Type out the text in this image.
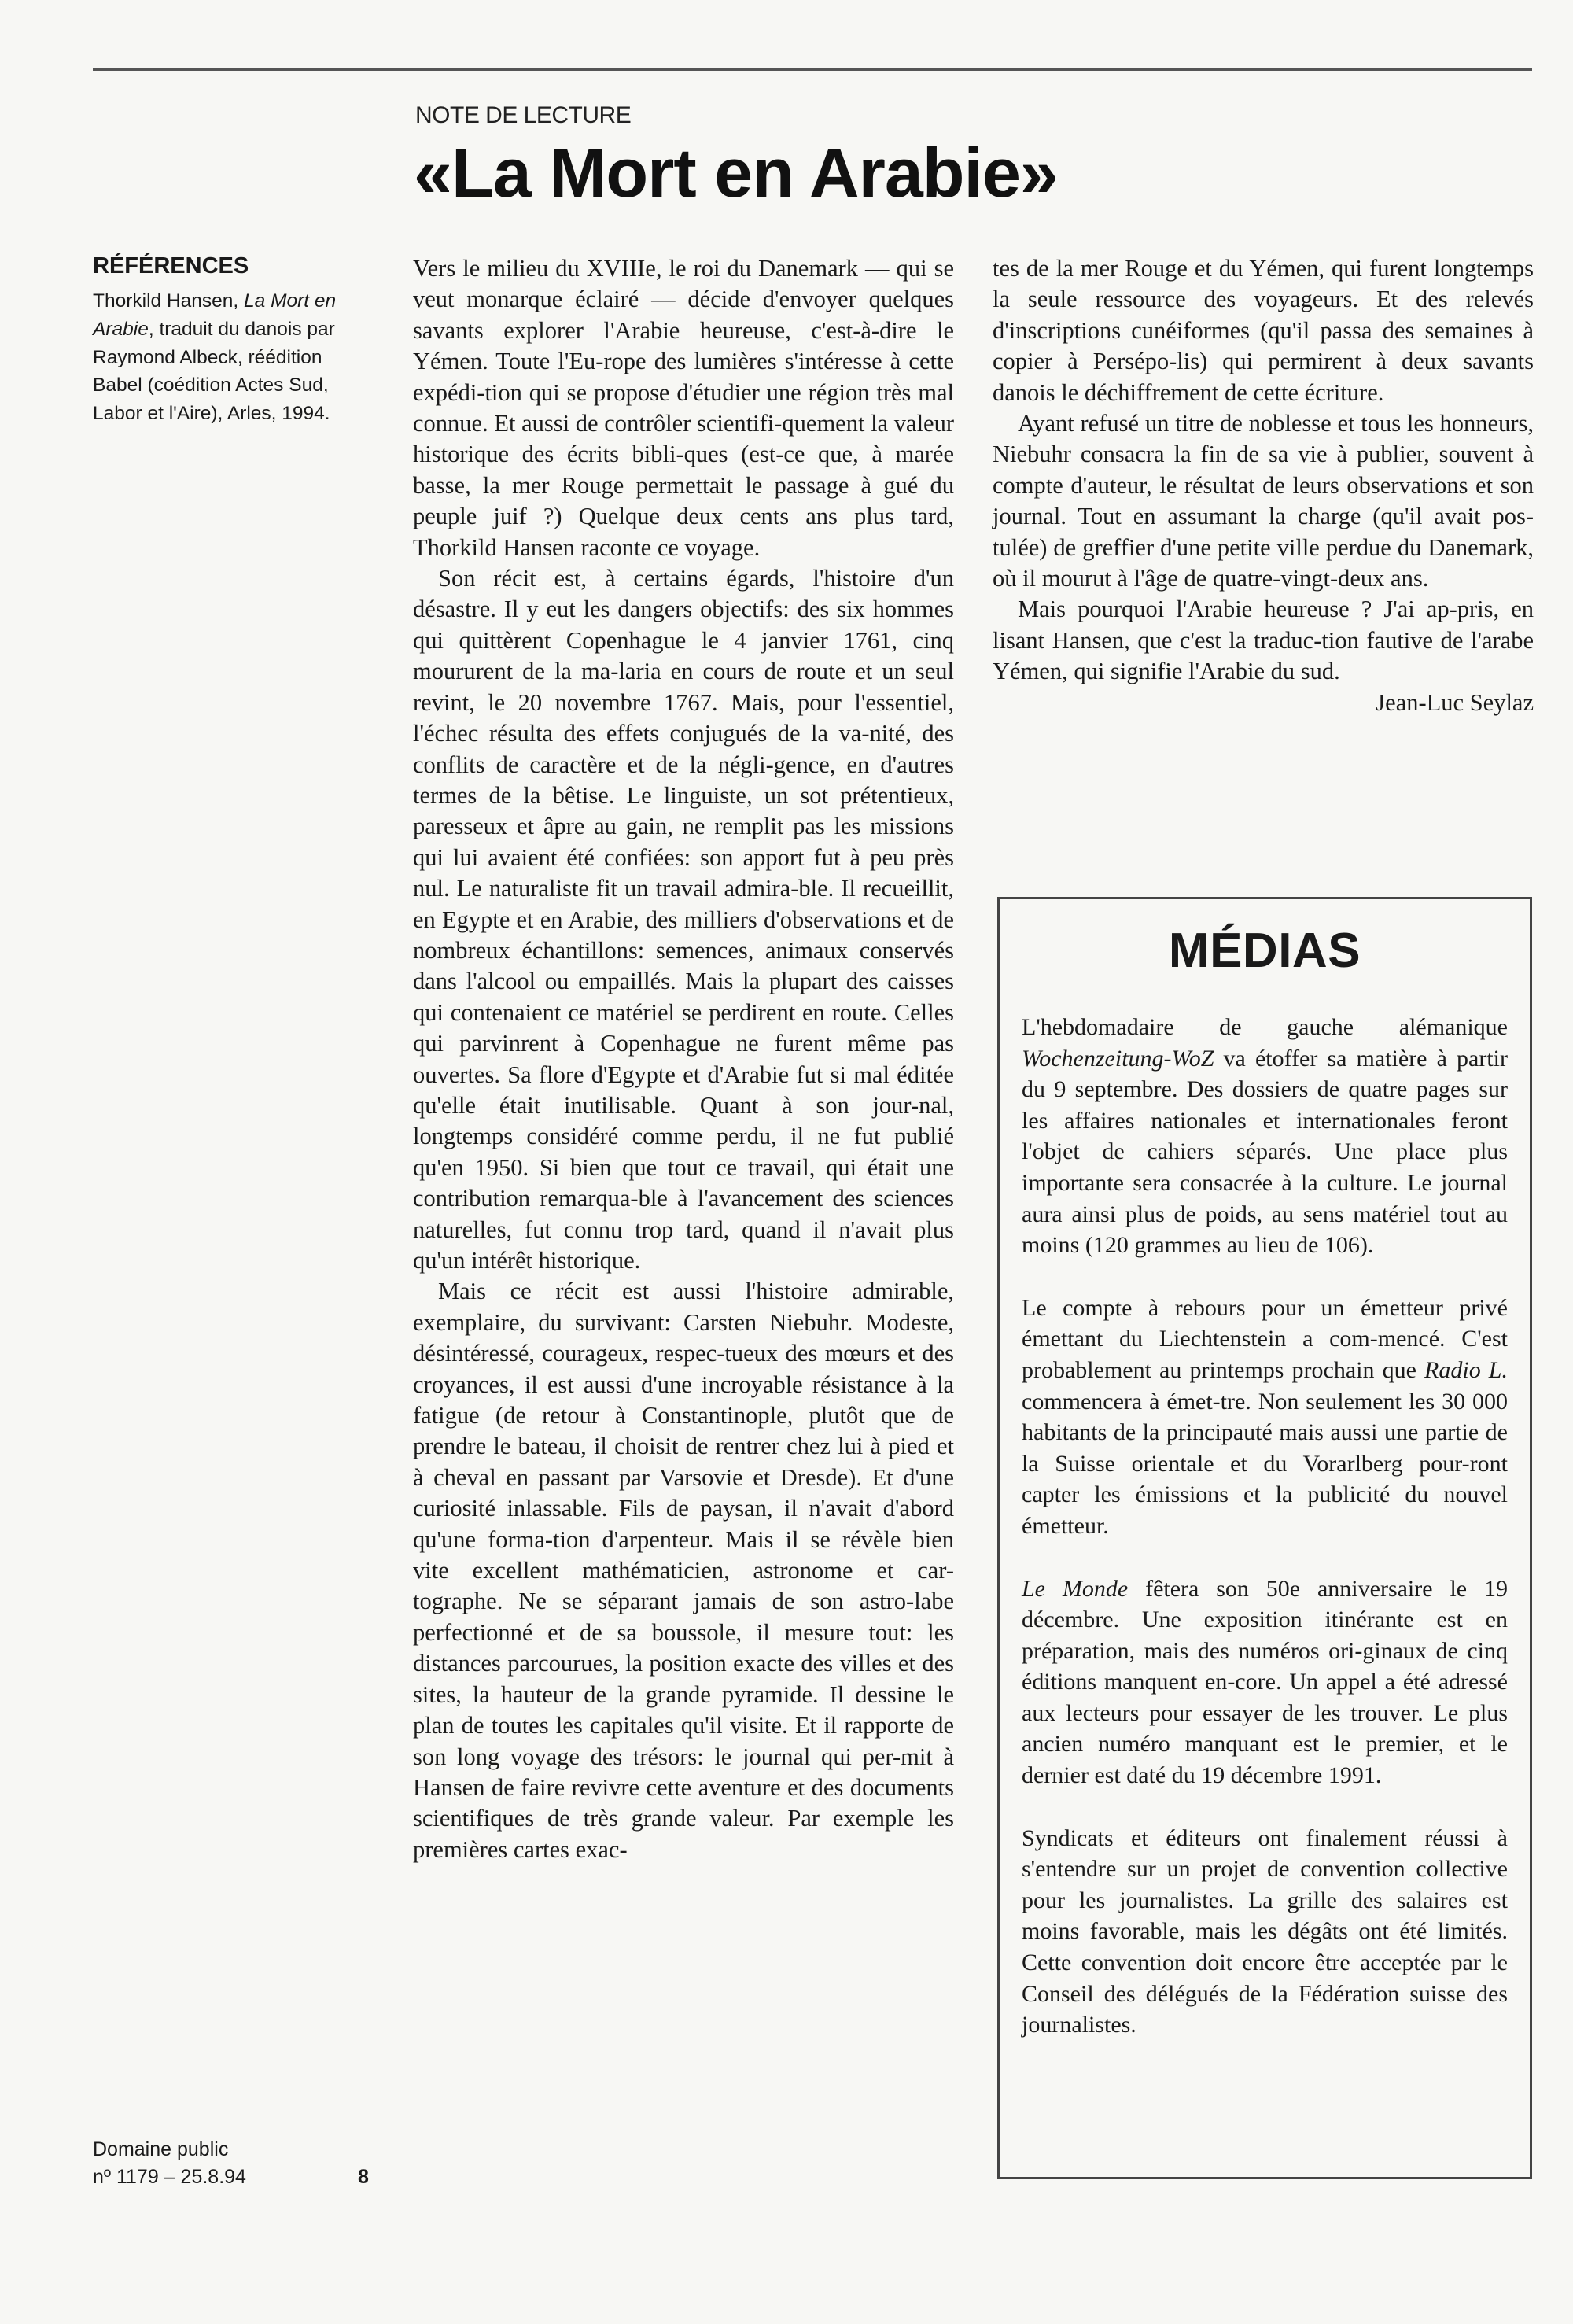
NOTE DE LECTURE
«La Mort en Arabie»
RÉFÉRENCES
Thorkild Hansen, La Mort en Arabie, traduit du danois par Raymond Albeck, réédition Babel (coédition Actes Sud, Labor et l'Aire), Arles, 1994.
Domaine public
nº 1179 – 25.8.94	8

Vers le milieu du XVIIIe, le roi du Danemark — qui se veut monarque éclairé — décide d'envoyer quelques savants explorer l'Arabie heureuse, c'est-à-dire le Yémen. Toute l'Eu-rope des lumières s'intéresse à cette expédi-tion qui se propose d'étudier une région très mal connue. Et aussi de contrôler scientifi-quement la valeur historique des écrits bibli-ques (est-ce que, à marée basse, la mer Rouge permettait le passage à gué du peuple juif ?) Quelque deux cents ans plus tard, Thorkild Hansen raconte ce voyage.

Son récit est, à certains égards, l'histoire d'un désastre. Il y eut les dangers objectifs: des six hommes qui quittèrent Copenhague le 4 janvier 1761, cinq moururent de la ma-laria en cours de route et un seul revint, le 20 novembre 1767. Mais, pour l'essentiel, l'échec résulta des effets conjugués de la va-nité, des conflits de caractère et de la négli-gence, en d'autres termes de la bêtise. Le linguiste, un sot prétentieux, paresseux et âpre au gain, ne remplit pas les missions qui lui avaient été confiées: son apport fut à peu près nul. Le naturaliste fit un travail admira-ble. Il recueillit, en Egypte et en Arabie, des milliers d'observations et de nombreux échantillons: semences, animaux conservés dans l'alcool ou empaillés. Mais la plupart des caisses qui contenaient ce matériel se perdirent en route. Celles qui parvinrent à Copenhague ne furent même pas ouvertes. Sa flore d'Egypte et d'Arabie fut si mal éditée qu'elle était inutilisable. Quant à son jour-nal, longtemps considéré comme perdu, il ne fut publié qu'en 1950. Si bien que tout ce travail, qui était une contribution remarqua-ble à l'avancement des sciences naturelles, fut connu trop tard, quand il n'avait plus qu'un intérêt historique.

Mais ce récit est aussi l'histoire admirable, exemplaire, du survivant: Carsten Niebuhr. Modeste, désintéressé, courageux, respec-tueux des mœurs et des croyances, il est aussi d'une incroyable résistance à la fatigue (de retour à Constantinople, plutôt que de prendre le bateau, il choisit de rentrer chez lui à pied et à cheval en passant par Varsovie et Dresde). Et d'une curiosité inlassable. Fils de paysan, il n'avait d'abord qu'une forma-tion d'arpenteur. Mais il se révèle bien vite excellent mathématicien, astronome et car-tographe. Ne se séparant jamais de son astro-labe perfectionné et de sa boussole, il mesure tout: les distances parcourues, la position exacte des villes et des sites, la hauteur de la grande pyramide. Il dessine le plan de toutes les capitales qu'il visite. Et il rapporte de son long voyage des trésors: le journal qui per-mit à Hansen de faire revivre cette aventure et des documents scientifiques de très grande valeur. Par exemple les premières cartes exac-

tes de la mer Rouge et du Yémen, qui furent longtemps la seule ressource des voyageurs. Et des relevés d'inscriptions cunéiformes (qu'il passa des semaines à copier à Persépo-lis) qui permirent à deux savants danois le déchiffrement de cette écriture.

Ayant refusé un titre de noblesse et tous les honneurs, Niebuhr consacra la fin de sa vie à publier, souvent à compte d'auteur, le résultat de leurs observations et son journal. Tout en assumant la charge (qu'il avait pos-tulée) de greffier d'une petite ville perdue du Danemark, où il mourut à l'âge de quatre-vingt-deux ans.

Mais pourquoi l'Arabie heureuse ? J'ai ap-pris, en lisant Hansen, que c'est la traduc-tion fautive de l'arabe Yémen, qui signifie l'Arabie du sud.

Jean-Luc Seylaz

MÉDIAS

L'hebdomadaire de gauche alémanique Wochenzeitung-WoZ va étoffer sa matière à partir du 9 septembre. Des dossiers de quatre pages sur les affaires nationales et internationales feront l'objet de cahiers séparés. Une place plus importante sera consacrée à la culture. Le journal aura ainsi plus de poids, au sens matériel tout au moins (120 grammes au lieu de 106).

Le compte à rebours pour un émetteur privé émettant du Liechtenstein a com-mencé. C'est probablement au printemps prochain que Radio L. commencera à émet-tre. Non seulement les 30 000 habitants de la principauté mais aussi une partie de la Suisse orientale et du Vorarlberg pour-ront capter les émissions et la publicité du nouvel émetteur.

Le Monde fêtera son 50e anniversaire le 19 décembre. Une exposition itinérante est en préparation, mais des numéros ori-ginaux de cinq éditions manquent en-core. Un appel a été adressé aux lecteurs pour essayer de les trouver. Le plus ancien numéro manquant est le premier, et le dernier est daté du 19 décembre 1991.

Syndicats et éditeurs ont finalement réussi à s'entendre sur un projet de convention collective pour les journalistes. La grille des salaires est moins favorable, mais les dégâts ont été limités. Cette convention doit encore être acceptée par le Conseil des délégués de la Fédération suisse des journalistes.
